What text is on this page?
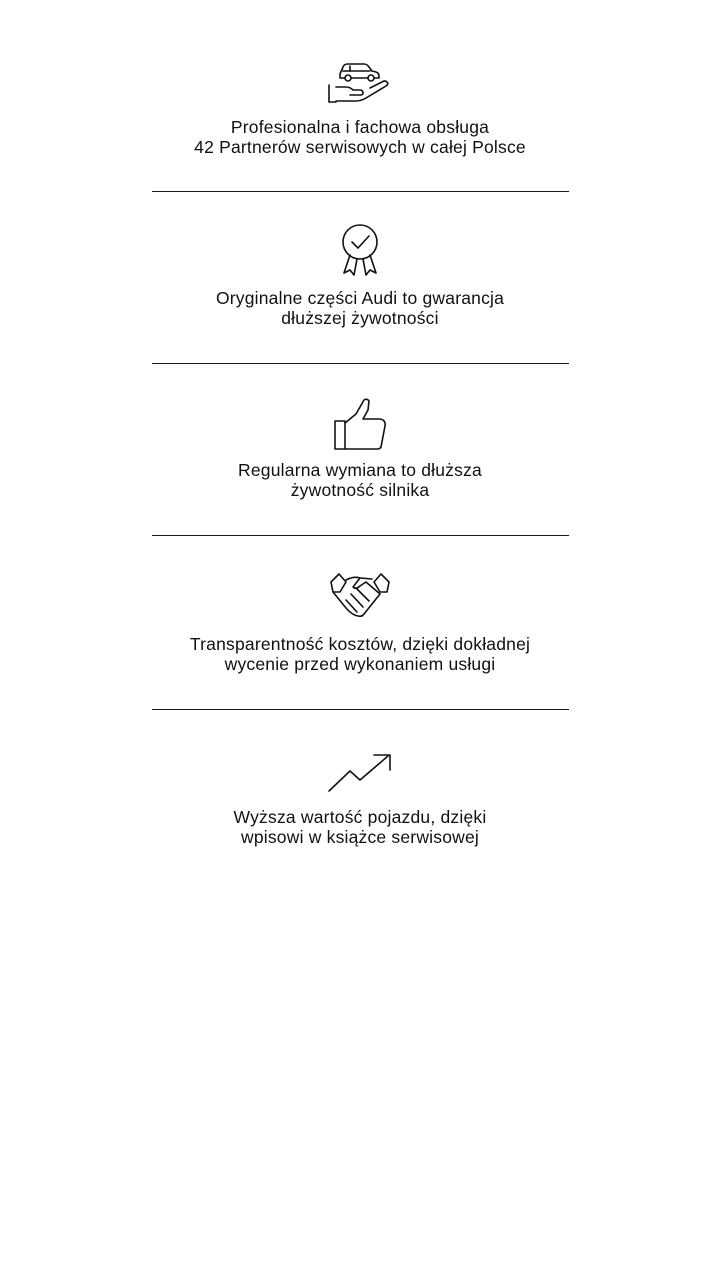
Profesionalna i fachowa obsługa
42 Partnerów serwisowych w całej Polsce
Oryginalne części Audi to gwarancja
dłuższej żywotności
Regularna wymiana to dłuższa
żywotność silnika
Transparentność kosztów, dzięki dokładnej
wycenie przed wykonaniem usługi
Wyższa wartość pojazdu, dzięki
wpisowi w książce serwisowej
